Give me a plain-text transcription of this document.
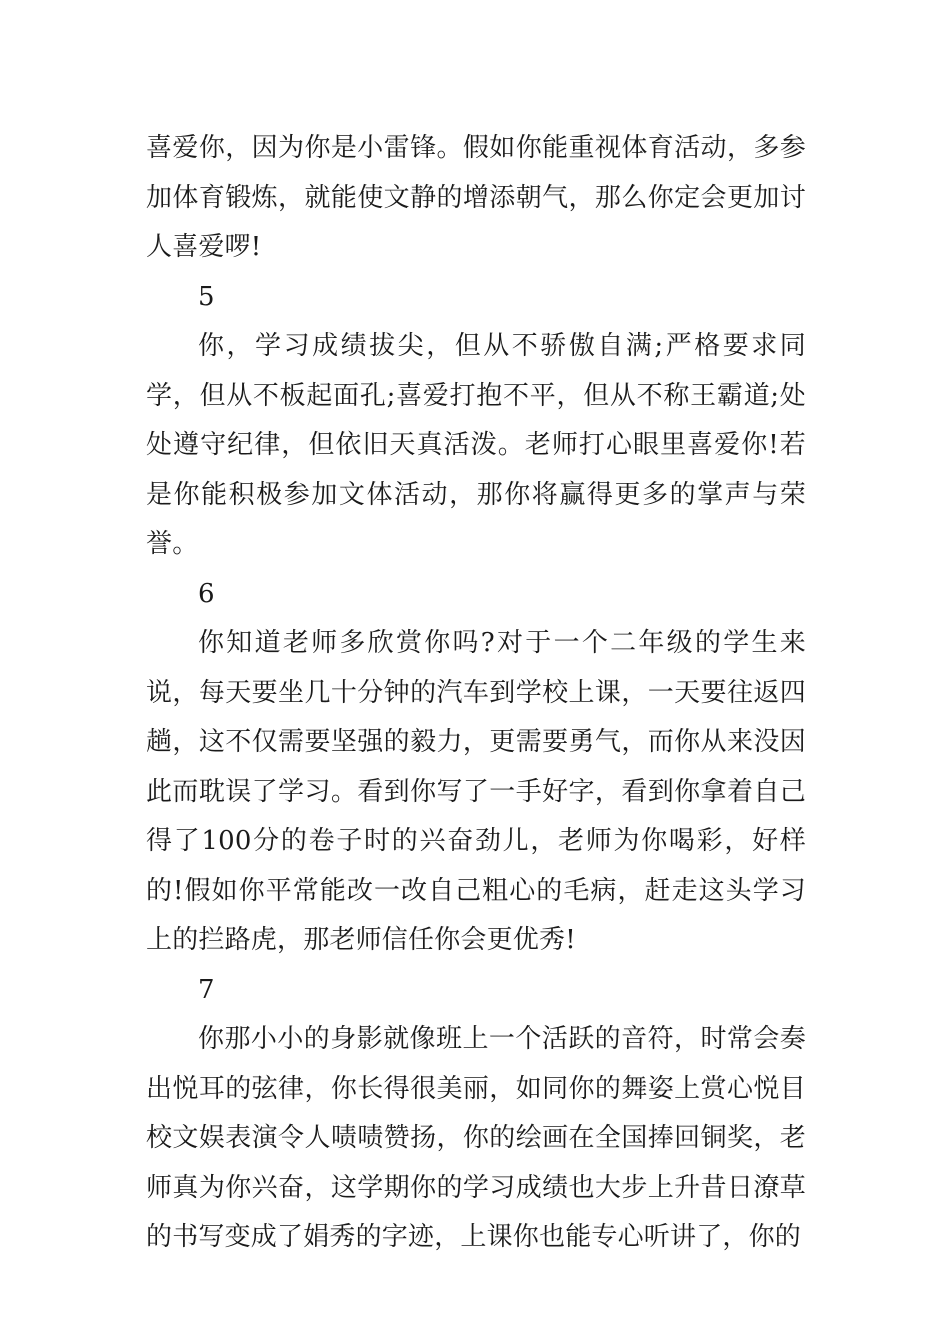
喜爱你，因为你是小雷锋。假如你能重视体育活动，多参加体育锻炼，就能使文静的增添朝气，那么你定会更加讨人喜爱啰!

5

你，学习成绩拔尖，但从不骄傲自满;严格要求同学，但从不板起面孔;喜爱打抱不平，但从不称王霸道;处处遵守纪律，但依旧天真活泼。老师打心眼里喜爱你!若是你能积极参加文体活动，那你将赢得更多的掌声与荣誉。

6

你知道老师多欣赏你吗?对于一个二年级的学生来说，每天要坐几十分钟的汽车到学校上课，一天要往返四趟，这不仅需要坚强的毅力，更需要勇气，而你从来没因此而耽误了学习。看到你写了一手好字，看到你拿着自己得了100分的卷子时的兴奋劲儿，老师为你喝彩，好样的!假如你平常能改一改自己粗心的毛病，赶走这头学习上的拦路虎，那老师信任你会更优秀!

7

你那小小的身影就像班上一个活跃的音符，时常会奏出悦耳的弦律，你长得很美丽，如同你的舞姿上赏心悦目校文娱表演令人啧啧赞扬，你的绘画在全国捧回铜奖，老师真为你兴奋，这学期你的学习成绩也大步上升昔日潦草的书写变成了娟秀的字迹，上课你也能专心听讲了，你的
